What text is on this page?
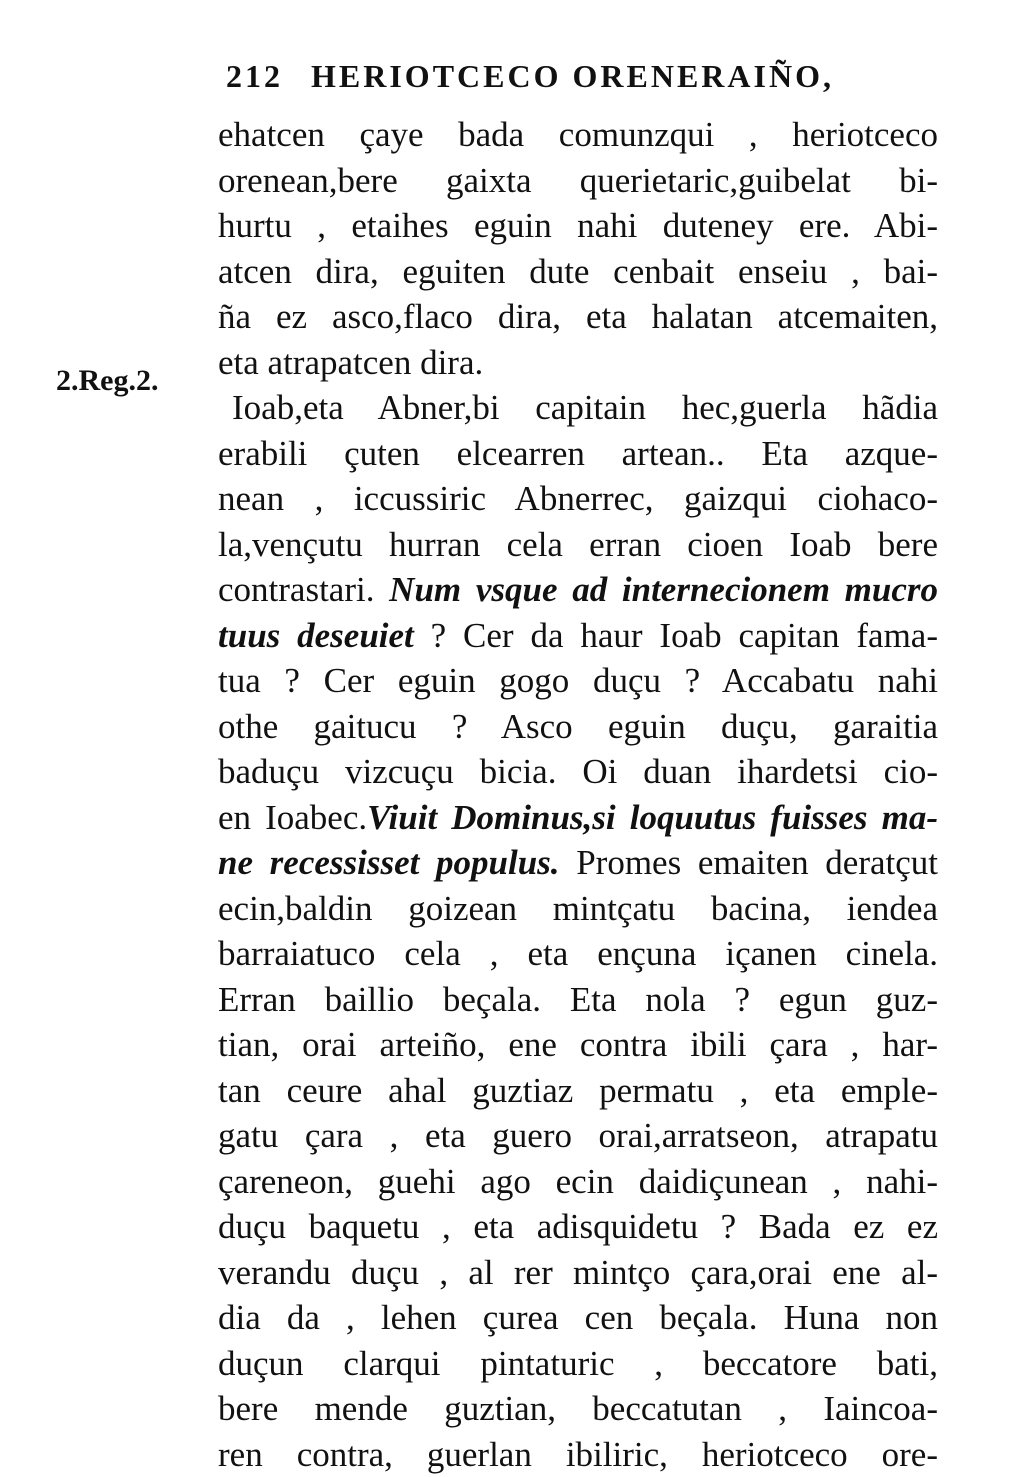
212 HERIOTCECO ORENERAIÑO,
2.Reg.2.
ehatcen çaye bada comunzqui , heriotceco
orenean,bere gaixta querietaric,guibelat bi-
hurtu , etaihes eguin nahi duteney ere. Abi-
atcen dira, eguiten dute cenbait enseiu , bai-
ña ez asco,flaco dira, eta halatan atcemaiten,
eta atrapatcen dira.
Ioab,eta Abner,bi capitain hec,guerla hãdia
erabili çuten elcearren artean.. Eta azque-
nean , iccussiric Abnerrec, gaizqui ciohaco-
la,vençutu hurran cela erran cioen Ioab bere
contrastari. Num vsque ad internecionem mucro
tuus deseuiet ? Cer da haur Ioab capitan fama-
tua ? Cer eguin gogo duçu ? Accabatu nahi
othe gaitucu ? Asco eguin duçu, garaitia
baduçu vizcuçu bicia. Oi duan ihardetsi cio-
en Ioabec.Viuit Dominus,si loquutus fuisses ma-
ne recessisset populus. Promes emaiten deratçut
ecin,baldin goizean mintçatu bacina, iendea
barraiatuco cela , eta ençuna içanen cinela.
Erran baillio beçala. Eta nola ? egun guz-
tian, orai arteiño, ene contra ibili çara , har-
tan ceure ahal guztiaz permatu , eta emple-
gatu çara , eta guero orai,arratseon, atrapatu
çareneon, guehi ago ecin daidiçunean , nahi-
duçu baquetu , eta adisquidetu ? Bada ez ez
verandu duçu , al rer mintço çara,orai ene al-
dia da , lehen çurea cen beçala. Huna non
duçun clarqui pintaturic , beccatore bati,
bere mende guztian, beccatutan , Iaincoa-
ren contra, guerlan ibiliric, heriotceco ore-
